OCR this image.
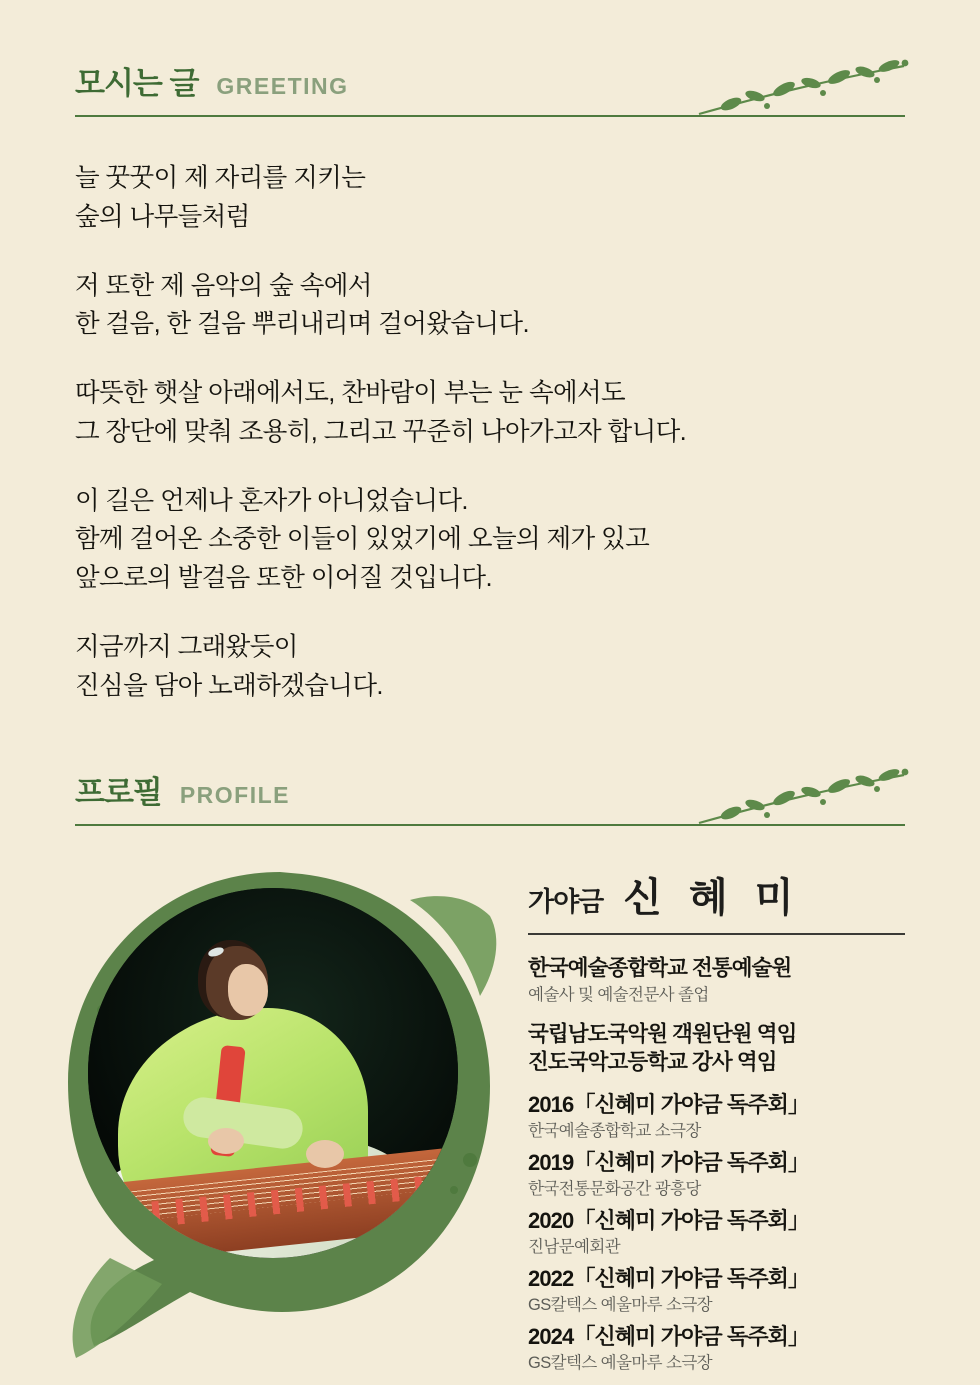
모시는 글 GREETING

늘 꿋꿋이 제 자리를 지키는
숲의 나무들처럼

저 또한 제 음악의 숲 속에서
한 걸음, 한 걸음 뿌리내리며 걸어왔습니다.

따뜻한 햇살 아래에서도, 찬바람이 부는 눈 속에서도
그 장단에 맞춰 조용히, 그리고 꾸준히 나아가고자 합니다.

이 길은 언제나 혼자가 아니었습니다.
함께 걸어온 소중한 이들이 있었기에 오늘의 제가 있고
앞으로의 발걸음 또한 이어질 것입니다.

지금까지 그래왔듯이
진심을 담아 노래하겠습니다.

프로필 PROFILE
가야금 신 혜 미
한국예술종합학교 전통예술원
예술사 및 예술전문사 졸업
국립남도국악원 객원단원 역임
진도국악고등학교 강사 역임
2016「신혜미 가야금 독주회」
한국예술종합학교 소극장
2019「신혜미 가야금 독주회」
한국전통문화공간 광흥당
2020「신혜미 가야금 독주회」
진남문예회관
2022「신혜미 가야금 독주회」
GS칼텍스 예울마루 소극장
2024「신혜미 가야금 독주회」
GS칼텍스 예울마루 소극장
